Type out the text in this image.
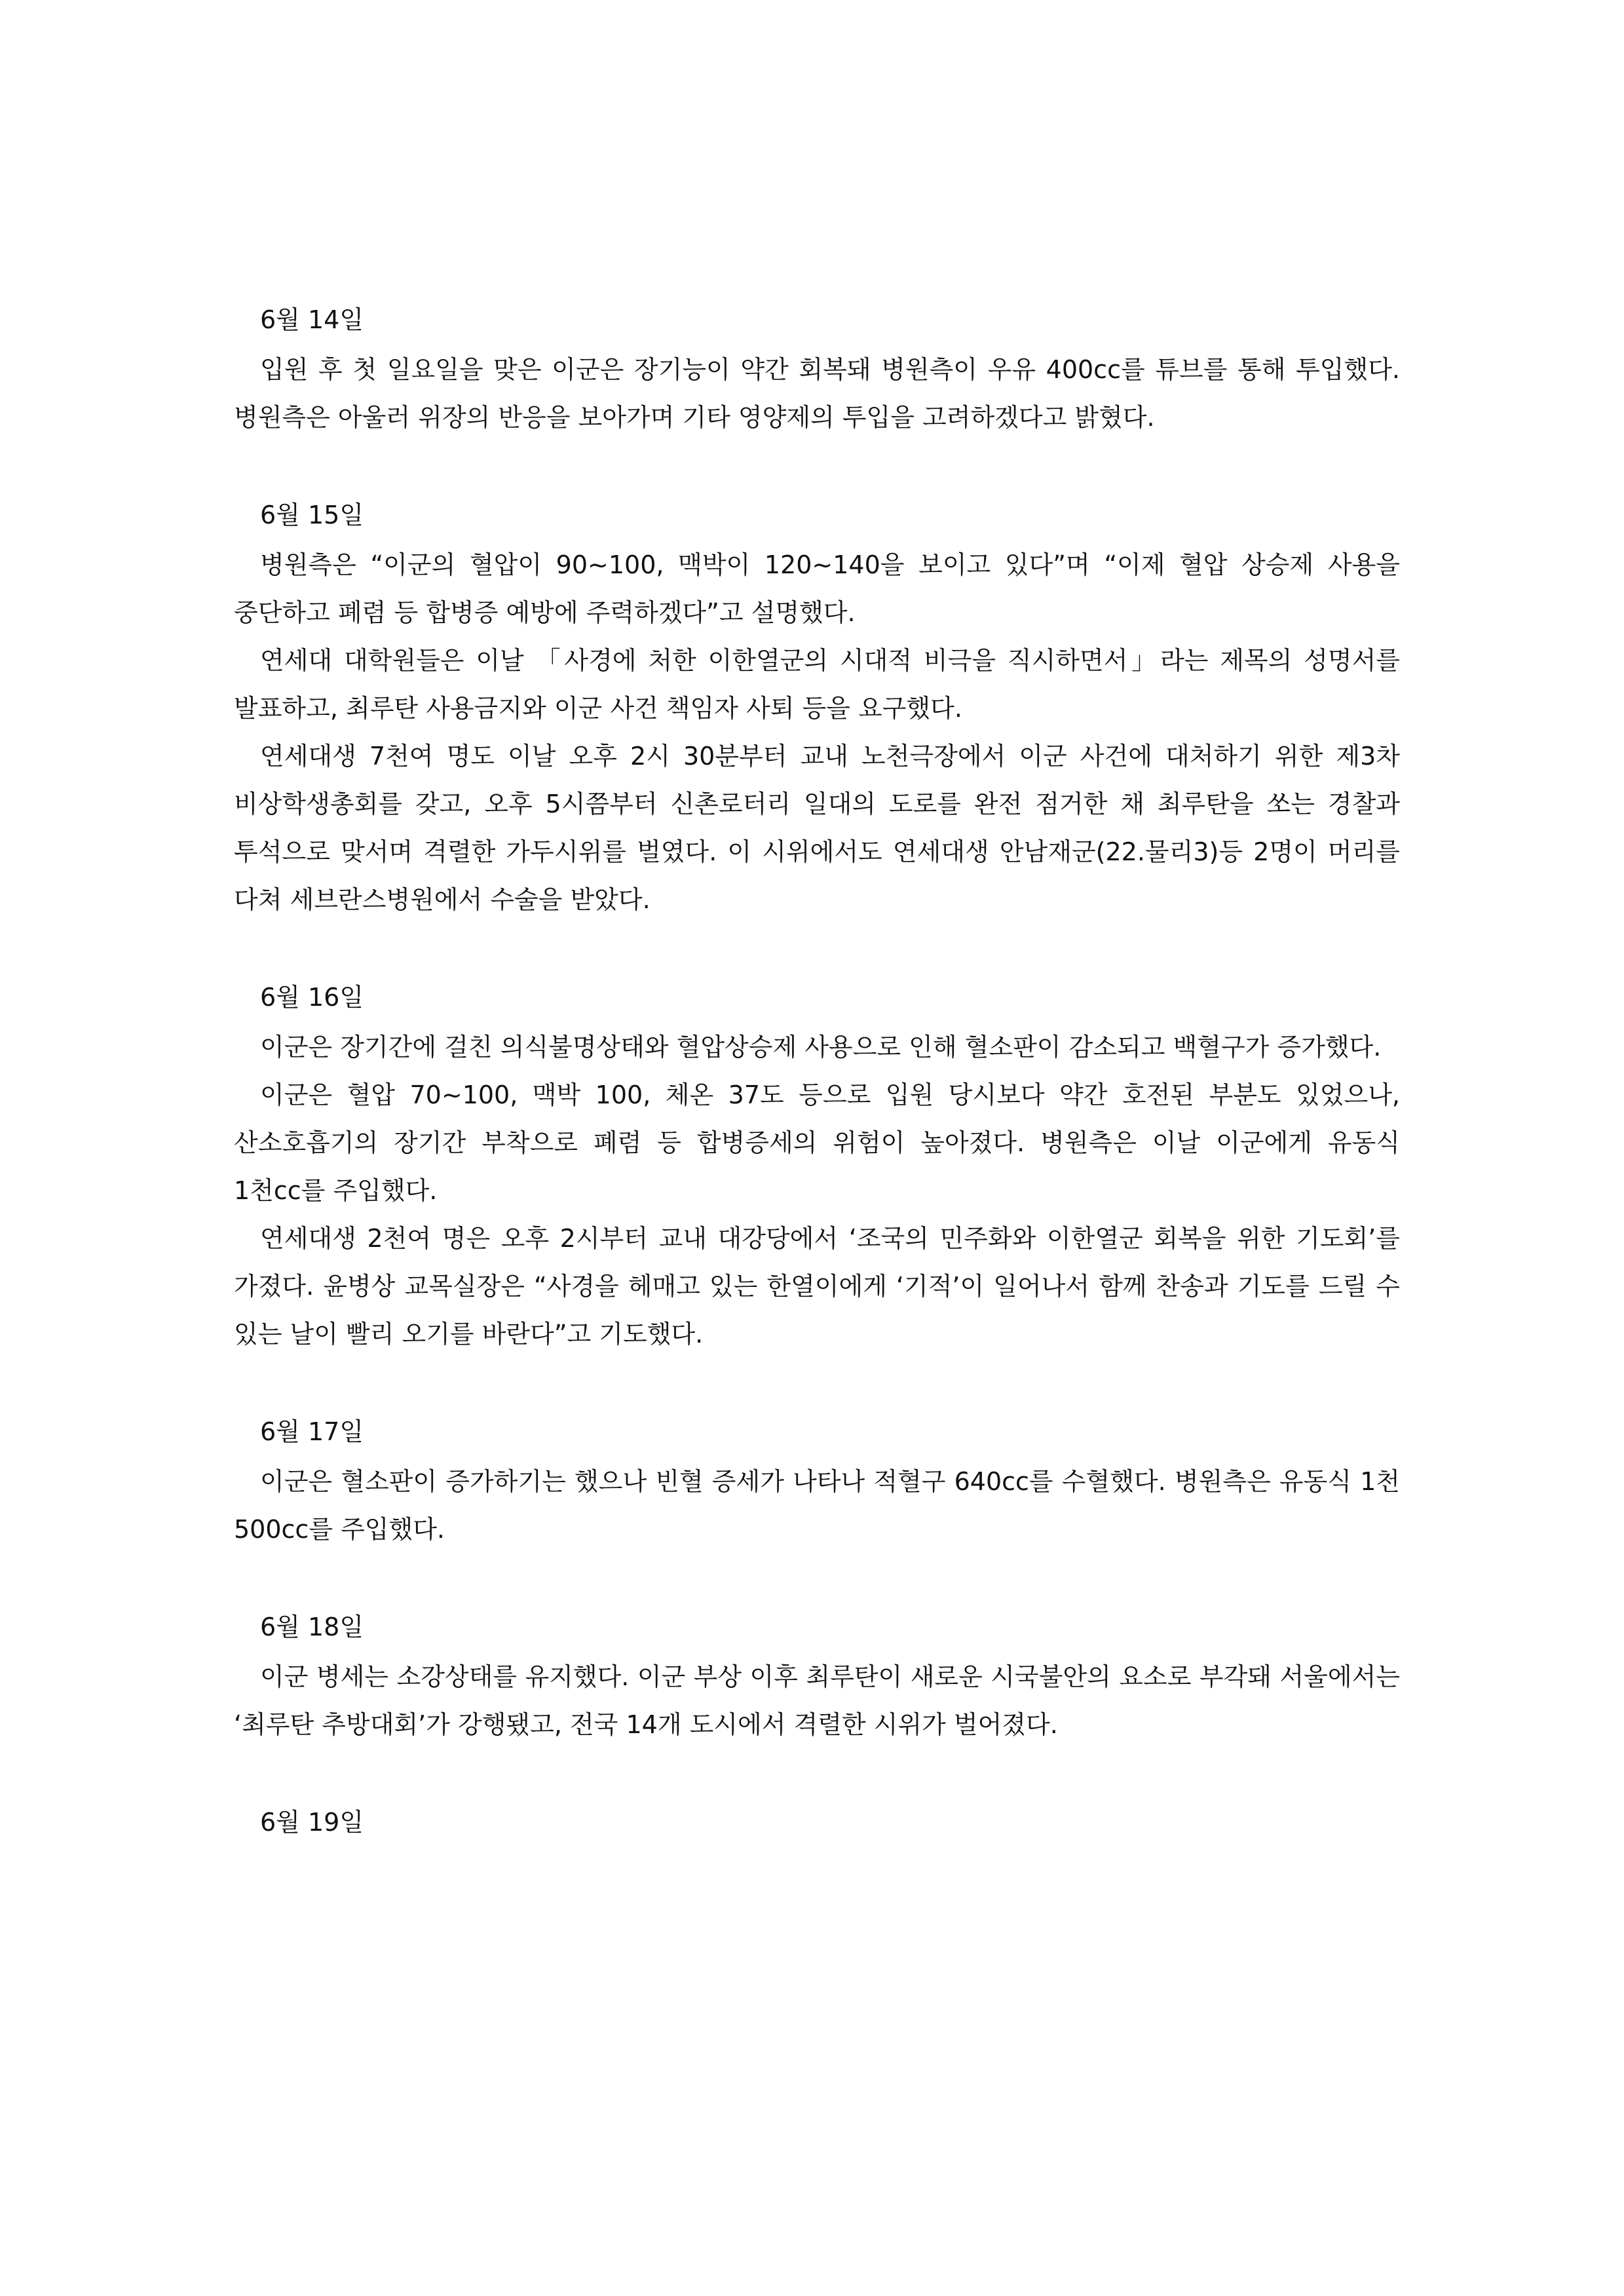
6월 14일

입원 후 첫 일요일을 맞은 이군은 장기능이 약간 회복돼 병원측이 우유 400cc를 튜브를 통해 투입했다. 병원측은 아울러 위장의 반응을 보아가며 기타 영양제의 투입을 고려하겠다고 밝혔다.

6월 15일

병원측은 “이군의 혈압이 90~100, 맥박이 120~140을 보이고 있다”며 “이제 혈압 상승제 사용을 중단하고 폐렴 등 합병증 예방에 주력하겠다”고 설명했다.

연세대 대학원들은 이날 「사경에 처한 이한열군의 시대적 비극을 직시하면서」라는 제목의 성명서를 발표하고, 최루탄 사용금지와 이군 사건 책임자 사퇴 등을 요구했다.

연세대생 7천여 명도 이날 오후 2시 30분부터 교내 노천극장에서 이군 사건에 대처하기 위한 제3차 비상학생총회를 갖고, 오후 5시쯤부터 신촌로터리 일대의 도로를 완전 점거한 채 최루탄을 쏘는 경찰과 투석으로 맞서며 격렬한 가두시위를 벌였다. 이 시위에서도 연세대생 안남재군(22.물리3)등 2명이 머리를 다쳐 세브란스병원에서 수술을 받았다.

6월 16일

이군은 장기간에 걸친 의식불명상태와 혈압상승제 사용으로 인해 혈소판이 감소되고 백혈구가 증가했다.

이군은 혈압 70~100, 맥박 100, 체온 37도 등으로 입원 당시보다 약간 호전된 부분도 있었으나, 산소호흡기의 장기간 부착으로 폐렴 등 합병증세의 위험이 높아졌다. 병원측은 이날 이군에게 유동식 1천cc를 주입했다.

연세대생 2천여 명은 오후 2시부터 교내 대강당에서 ‘조국의 민주화와 이한열군 회복을 위한 기도회’를 가졌다. 윤병상 교목실장은 “사경을 헤매고 있는 한열이에게 ‘기적’이 일어나서 함께 찬송과 기도를 드릴 수 있는 날이 빨리 오기를 바란다”고 기도했다.

6월 17일

이군은 혈소판이 증가하기는 했으나 빈혈 증세가 나타나 적혈구 640cc를 수혈했다. 병원측은 유동식 1천 500cc를 주입했다.

6월 18일

이군 병세는 소강상태를 유지했다. 이군 부상 이후 최루탄이 새로운 시국불안의 요소로 부각돼 서울에서는 ‘최루탄 추방대회’가 강행됐고, 전국 14개 도시에서 격렬한 시위가 벌어졌다.

6월 19일
